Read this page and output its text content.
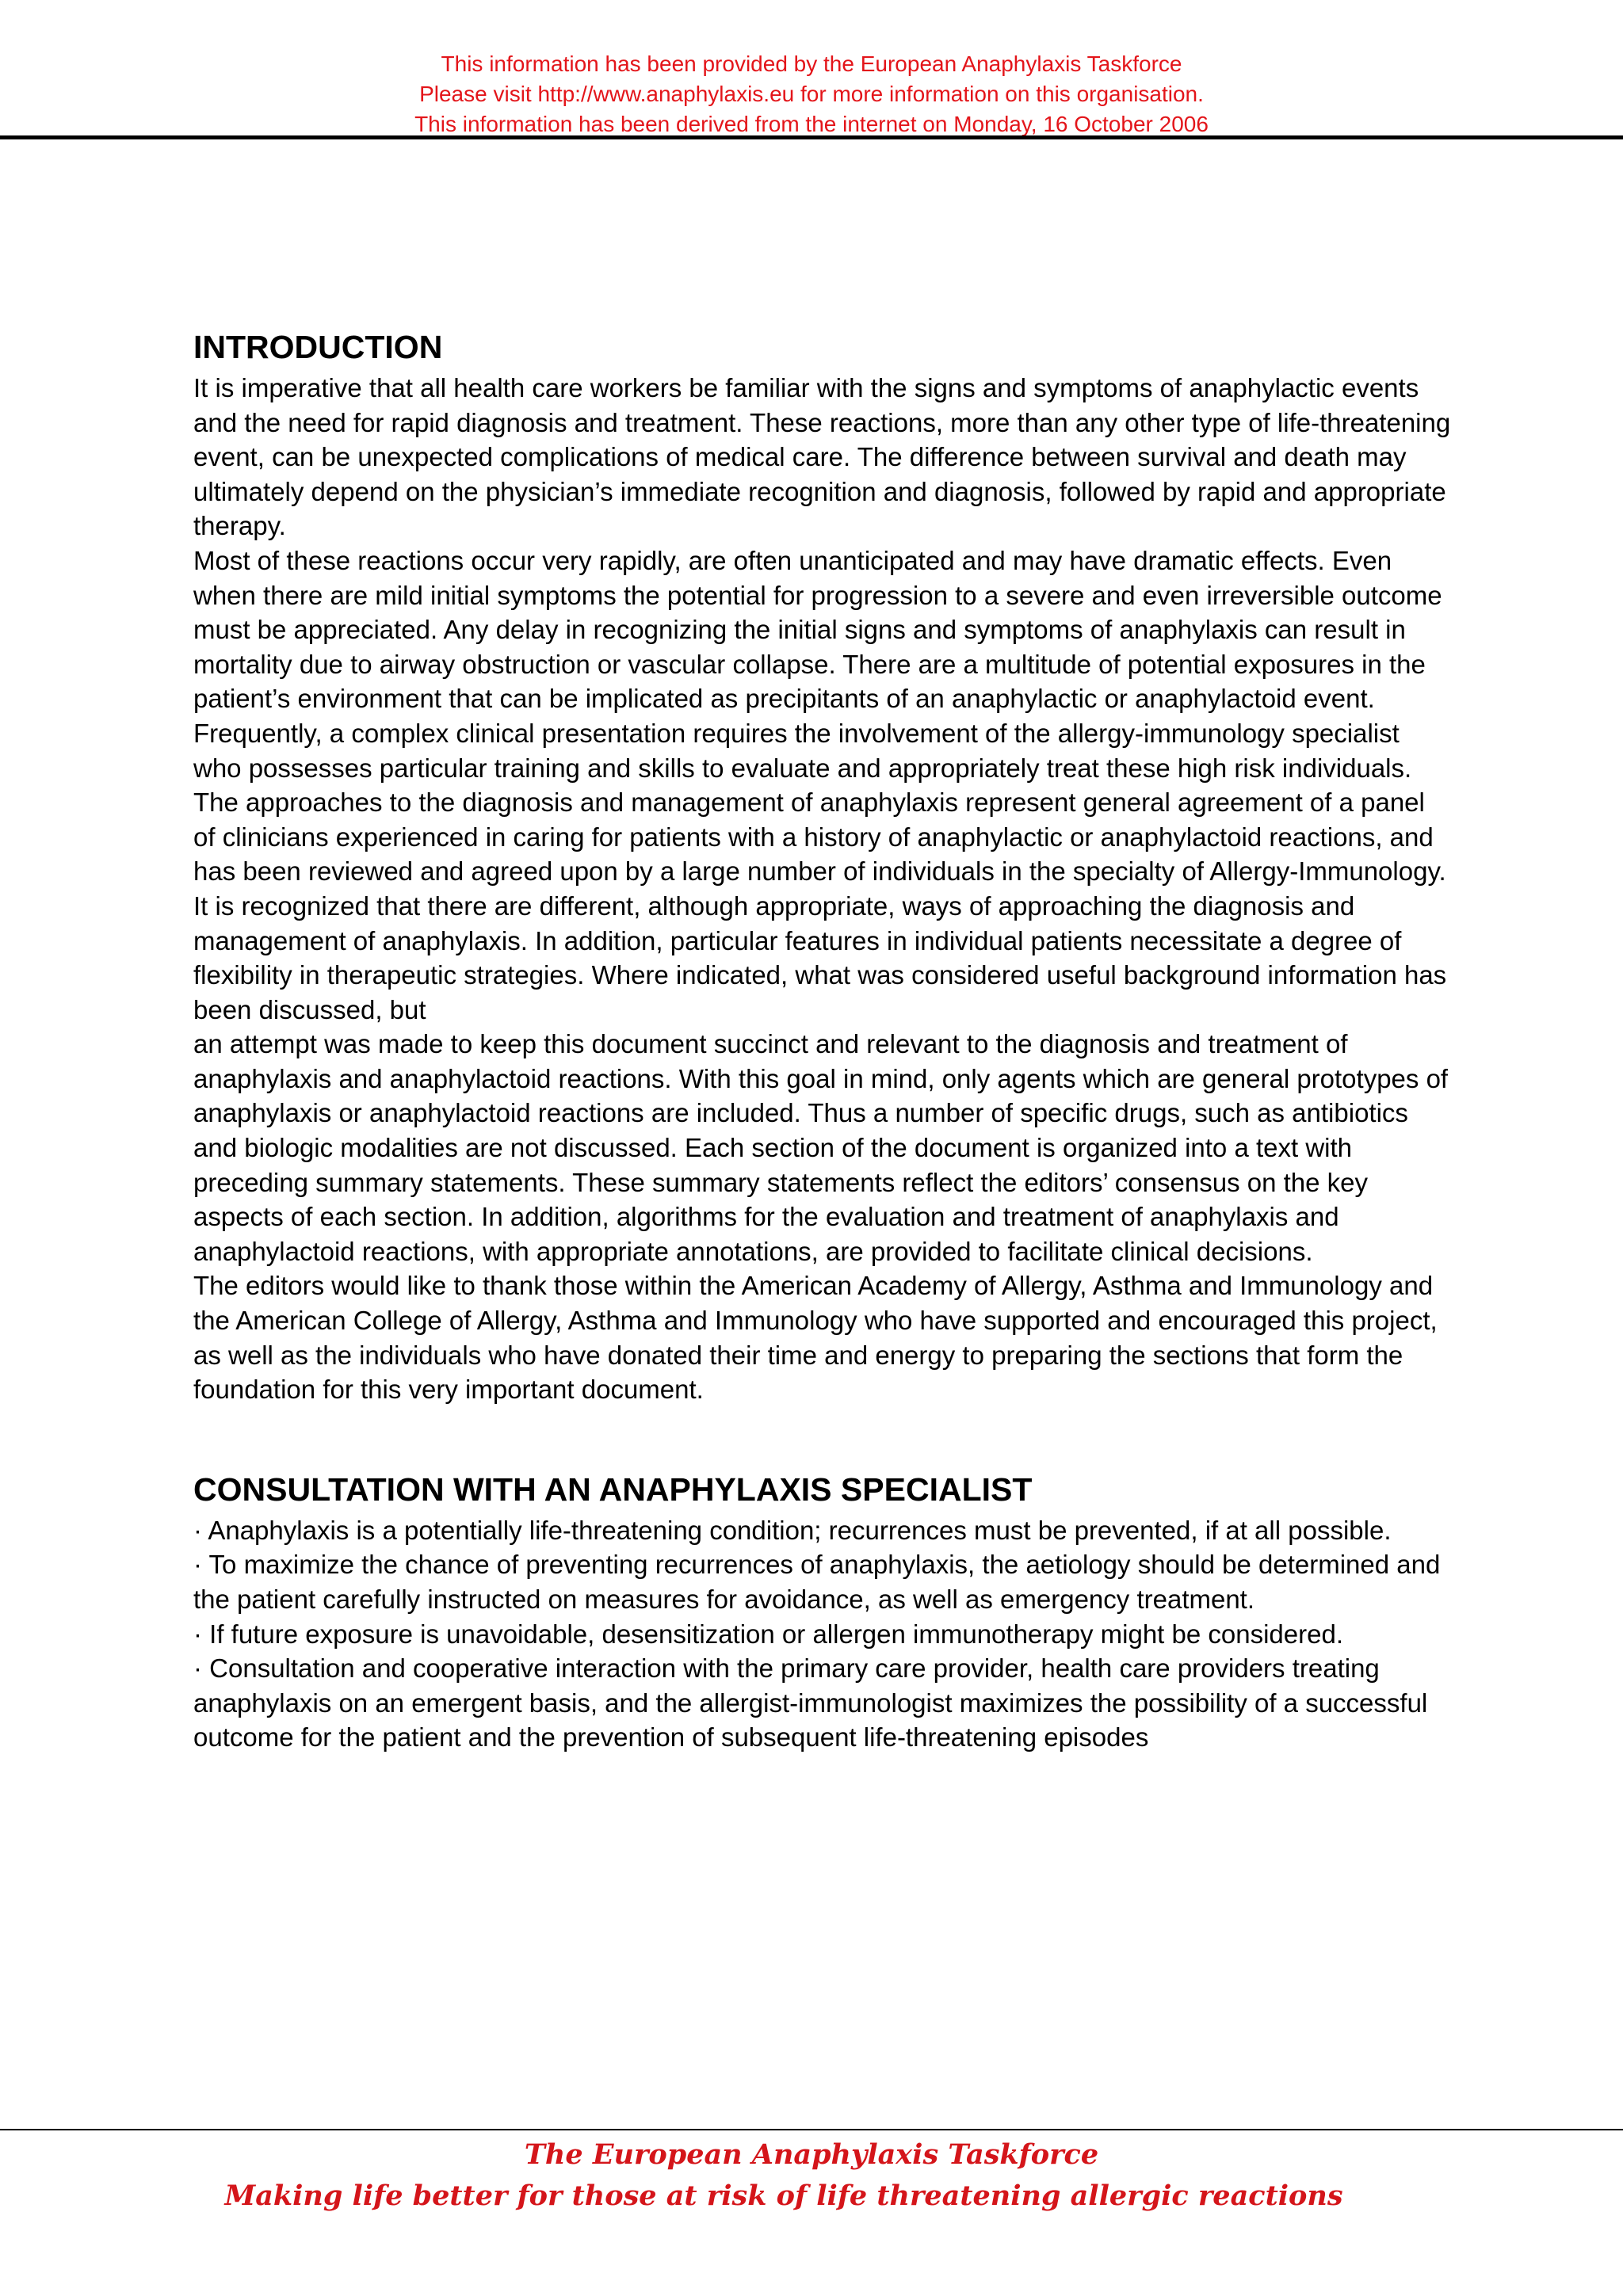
This information has been provided by the European Anaphylaxis Taskforce
Please visit http://www.anaphylaxis.eu for more information on this organisation.
This information has been derived from the internet on Monday, 16 October 2006
INTRODUCTION

It is imperative that all health care workers be familiar with the signs and symptoms of anaphylactic events and the need for rapid diagnosis and treatment. These reactions, more than any other type of life-threatening event, can be unexpected complications of medical care. The difference between survival and death may ultimately depend on the physician’s immediate recognition and diagnosis, followed by rapid and appropriate therapy.

Most of these reactions occur very rapidly, are often unanticipated and may have dramatic effects. Even when there are mild initial symptoms the potential for progression to a severe and even irreversible outcome must be appreciated. Any delay in recognizing the initial signs and symptoms of anaphylaxis can result in mortality due to airway obstruction or vascular collapse. There are a multitude of potential exposures in the patient’s environment that can be implicated as precipitants of an anaphylactic or anaphylactoid event. Frequently, a complex clinical presentation requires the involvement of the allergy-immunology specialist who possesses particular training and skills to evaluate and appropriately treat these high risk individuals.

The approaches to the diagnosis and management of anaphylaxis represent general agreement of a panel of clinicians experienced in caring for patients with a history of anaphylactic or anaphylactoid reactions, and has been reviewed and agreed upon by a large number of individuals in the specialty of Allergy-Immunology. It is recognized that there are different, although appropriate, ways of approaching the diagnosis and management of anaphylaxis. In addition, particular features in individual patients necessitate a degree of flexibility in therapeutic strategies. Where indicated, what was considered useful background information has been discussed, but

an attempt was made to keep this document succinct and relevant to the diagnosis and treatment of anaphylaxis and anaphylactoid reactions. With this goal in mind, only agents which are general prototypes of anaphylaxis or anaphylactoid reactions are included. Thus a number of specific drugs, such as antibiotics and biologic modalities are not discussed. Each section of the document is organized into a text with preceding summary statements. These summary statements reflect the editors’ consensus on the key aspects of each section. In addition, algorithms for the evaluation and treatment of anaphylaxis and anaphylactoid reactions, with appropriate annotations, are provided to facilitate clinical decisions.

The editors would like to thank those within the American Academy of Allergy, Asthma and Immunology and the American College of Allergy, Asthma and Immunology who have supported and encouraged this project, as well as the individuals who have donated their time and energy to preparing the sections that form the foundation for this very important document.

CONSULTATION WITH AN ANAPHYLAXIS SPECIALIST

· Anaphylaxis is a potentially life-threatening condition; recurrences must be prevented, if at all possible.

· To maximize the chance of preventing recurrences of anaphylaxis, the aetiology should be determined and the patient carefully instructed on measures for avoidance, as well as emergency treatment.

· If future exposure is unavoidable, desensitization or allergen immunotherapy might be considered.

· Consultation and cooperative interaction with the primary care provider, health care providers treating anaphylaxis on an emergent basis, and the allergist-immunologist maximizes the possibility of a successful outcome for the patient and the prevention of subsequent life-threatening episodes

The European Anaphylaxis Taskforce
Making life better for those at risk of life threatening allergic reactions
